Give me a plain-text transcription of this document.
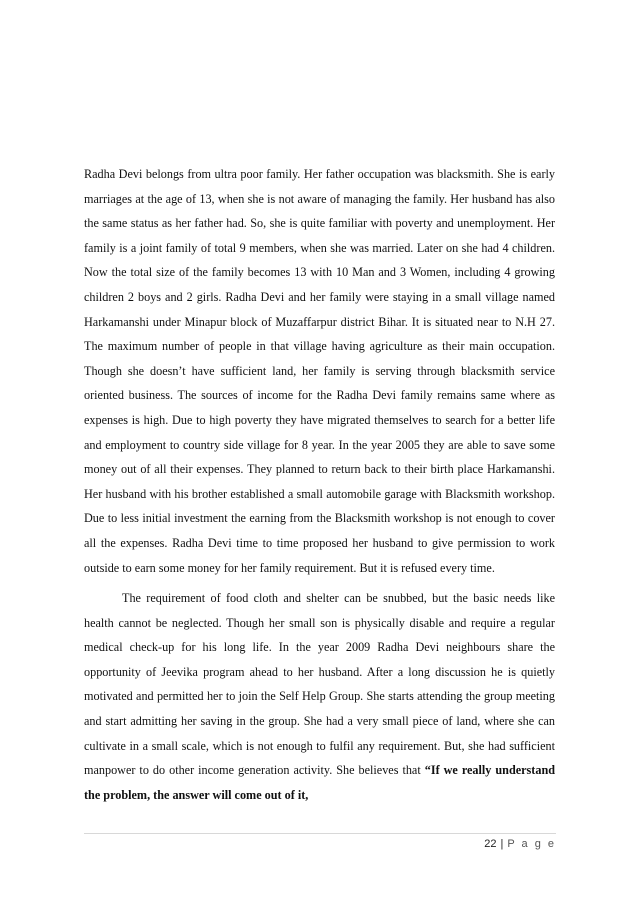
Radha Devi belongs from ultra poor family. Her father occupation was blacksmith. She is early marriages at the age of 13, when she is not aware of managing the family. Her husband has also the same status as her father had. So, she is quite familiar with poverty and unemployment. Her family is a joint family of total 9 members, when she was married. Later on she had 4 children. Now the total size of the family becomes 13 with 10 Man and 3 Women, including 4 growing children 2 boys and 2 girls. Radha Devi and her family were staying in a small village named Harkamanshi under Minapur block of Muzaffarpur district Bihar. It is situated near to N.H 27. The maximum number of people in that village having agriculture as their main occupation. Though she doesn’t have sufficient land, her family is serving through blacksmith service oriented business. The sources of income for the Radha Devi family remains same where as expenses is high. Due to high poverty they have migrated themselves to search for a better life and employment to country side village for 8 year. In the year 2005 they are able to save some money out of all their expenses. They planned to return back to their birth place Harkamanshi. Her husband with his brother established a small automobile garage with Blacksmith workshop. Due to less initial investment the earning from the Blacksmith workshop is not enough to cover all the expenses. Radha Devi time to time proposed her husband to give permission to work outside to earn some money for her family requirement. But it is refused every time.

The requirement of food cloth and shelter can be snubbed, but the basic needs like health cannot be neglected. Though her small son is physically disable and require a regular medical check-up for his long life. In the year 2009 Radha Devi neighbours share the opportunity of Jeevika program ahead to her husband. After a long discussion he is quietly motivated and permitted her to join the Self Help Group. She starts attending the group meeting and start admitting her saving in the group. She had a very small piece of land, where she can cultivate in a small scale, which is not enough to fulfil any requirement. But, she had sufficient manpower to do other income generation activity. She believes that “If we really understand the problem, the answer will come out of it,

22 | P a g e
